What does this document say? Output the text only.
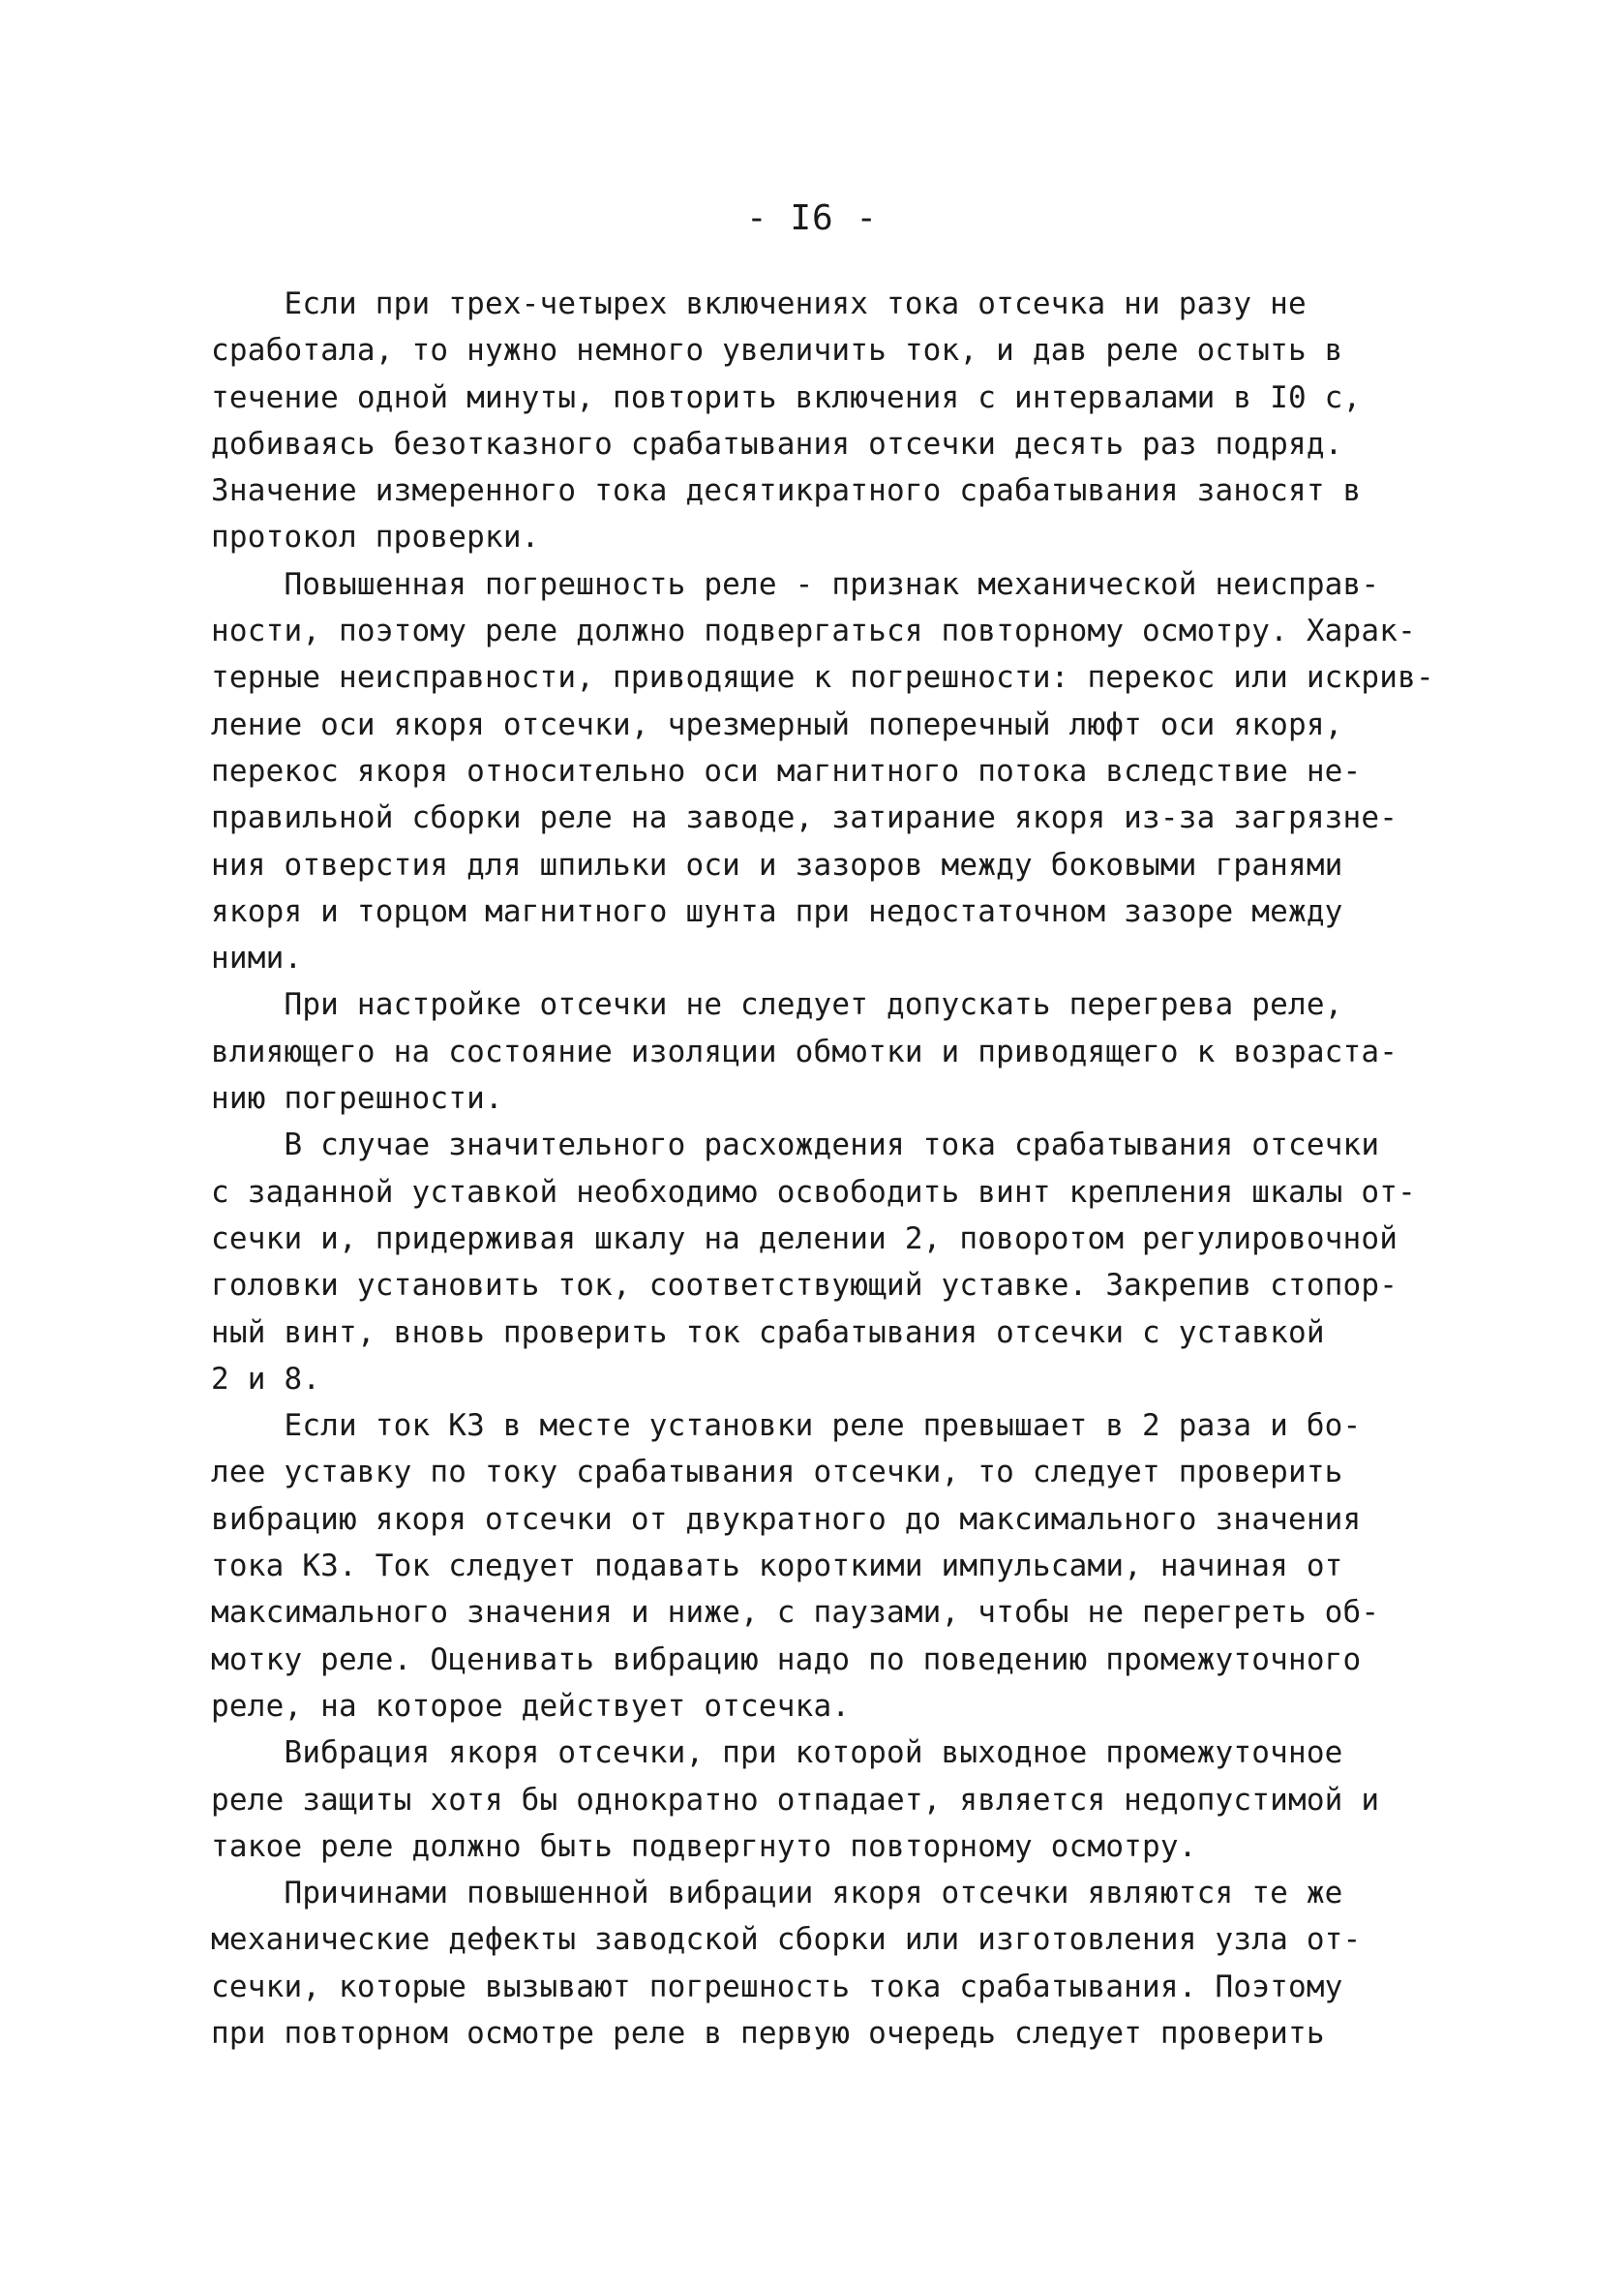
- I6 -

Если при трех-четырех включениях тока отсечка ни разу не
сработала, то нужно немного увеличить ток, и дав реле остыть в
течение одной минуты, повторить включения с интервалами в I0 с,
добиваясь безотказного срабатывания отсечки десять раз подряд.
Значение измеренного тока десятикратного срабатывания заносят в
протокол проверки.

Повышенная погрешность реле - признак механической неисправ-
ности, поэтому реле должно подвергаться повторному осмотру. Харак-
терные неисправности, приводящие к погрешности: перекос или искрив-
ление оси якоря отсечки, чрезмерный поперечный люфт оси якоря,
перекос якоря относительно оси магнитного потока вследствие не-
правильной сборки реле на заводе, затирание якоря из-за загрязне-
ния отверстия для шпильки оси и зазоров между боковыми гранями
якоря и торцом магнитного шунта при недостаточном зазоре между
ними.

При настройке отсечки не следует допускать перегрева реле,
влияющего на состояние изоляции обмотки и приводящего к возраста-
нию погрешности.

В случае значительного расхождения тока срабатывания отсечки
с заданной уставкой необходимо освободить винт крепления шкалы от-
сечки и, придерживая шкалу на делении 2, поворотом регулировочной
головки установить ток, соответствующий уставке. Закрепив стопор-
ный винт, вновь проверить ток срабатывания отсечки с уставкой
2 и 8.

Если ток КЗ в месте установки реле превышает в 2 раза и бо-
лее уставку по току срабатывания отсечки, то следует проверить
вибрацию якоря отсечки от двукратного до максимального значения
тока КЗ. Ток следует подавать короткими импульсами, начиная от
максимального значения и ниже, с паузами, чтобы не перегреть об-
мотку реле. Оценивать вибрацию надо по поведению промежуточного
реле, на которое действует отсечка.

Вибрация якоря отсечки, при которой выходное промежуточное
реле защиты хотя бы однократно отпадает, является недопустимой и
такое реле должно быть подвергнуто повторному осмотру.

Причинами повышенной вибрации якоря отсечки являются те же
механические дефекты заводской сборки или изготовления узла от-
сечки, которые вызывают погрешность тока срабатывания. Поэтому
при повторном осмотре реле в первую очередь следует проверить
